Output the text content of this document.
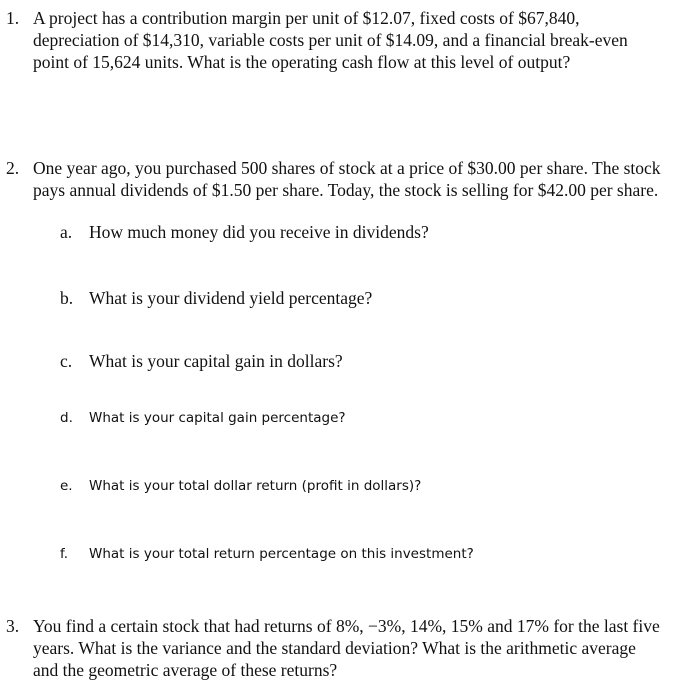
1. A project has a contribution margin per unit of $12.07, fixed costs of $67,840,
depreciation of $14,310, variable costs per unit of $14.09, and a financial break-even
point of 15,624 units. What is the operating cash flow at this level of output?
2. One year ago, you purchased 500 shares of stock at a price of $30.00 per share. The stock
pays annual dividends of $1.50 per share. Today, the stock is selling for $42.00 per share.
a. How much money did you receive in dividends?
b. What is your dividend yield percentage?
c. What is your capital gain in dollars?
d. What is your capital gain percentage?
e. What is your total dollar return (profit in dollars)?
f. What is your total return percentage on this investment?
3. You find a certain stock that had returns of 8%, −3%, 14%, 15% and 17% for the last five
years. What is the variance and the standard deviation? What is the arithmetic average
and the geometric average of these returns?
